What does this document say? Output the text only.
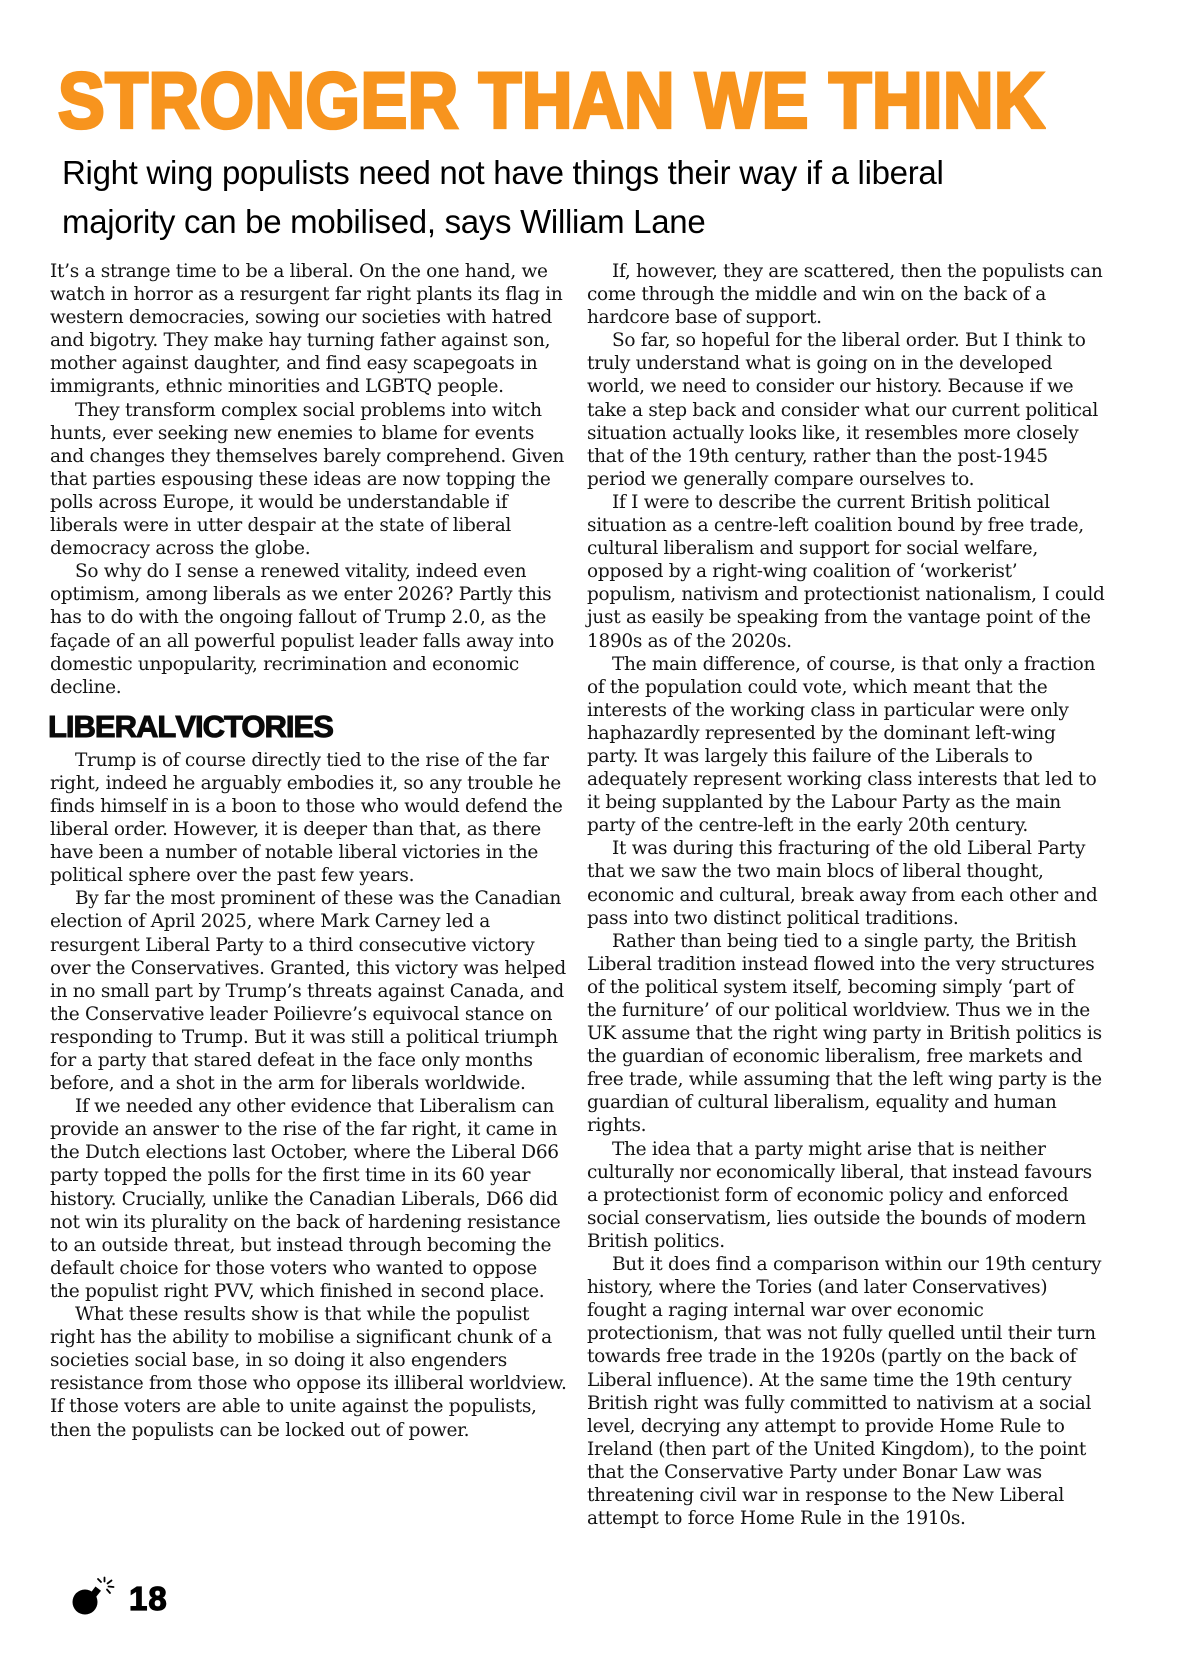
STRONGER THAN WE THINK

Right wing populists need not have things their way if a liberal
majority can be mobilised, says William Lane

It’s a strange time to be a liberal. On the one hand, we watch in horror as a resurgent far right plants its flag in western democracies, sowing our societies with hatred and bigotry. They make hay turning father against son, mother against daughter, and find easy scapegoats in immigrants, ethnic minorities and LGBTQ people.

They transform complex social problems into witch hunts, ever seeking new enemies to blame for events and changes they themselves barely comprehend. Given that parties espousing these ideas are now topping the polls across Europe, it would be understandable if liberals were in utter despair at the state of liberal democracy across the globe.

So why do I sense a renewed vitality, indeed even optimism, among liberals as we enter 2026? Partly this has to do with the ongoing fallout of Trump 2.0, as the façade of an all powerful populist leader falls away into domestic unpopularity, recrimination and economic decline.

LIBERAL VICTORIES

Trump is of course directly tied to the rise of the far right, indeed he arguably embodies it, so any trouble he finds himself in is a boon to those who would defend the liberal order. However, it is deeper than that, as there have been a number of notable liberal victories in the political sphere over the past few years.

By far the most prominent of these was the Canadian election of April 2025, where Mark Carney led a resurgent Liberal Party to a third consecutive victory over the Conservatives. Granted, this victory was helped in no small part by Trump’s threats against Canada, and the Conservative leader Poilievre’s equivocal stance on responding to Trump. But it was still a political triumph for a party that stared defeat in the face only months before, and a shot in the arm for liberals worldwide.

If we needed any other evidence that Liberalism can provide an answer to the rise of the far right, it came in the Dutch elections last October, where the Liberal D66 party topped the polls for the first time in its 60 year history. Crucially, unlike the Canadian Liberals, D66 did not win its plurality on the back of hardening resistance to an outside threat, but instead through becoming the default choice for those voters who wanted to oppose the populist right PVV, which finished in second place.

What these results show is that while the populist right has the ability to mobilise a significant chunk of a societies social base, in so doing it also engenders resistance from those who oppose its illiberal worldview. If those voters are able to unite against the populists, then the populists can be locked out of power.

If, however, they are scattered, then the populists can come through the middle and win on the back of a hardcore base of support.

So far, so hopeful for the liberal order. But I think to truly understand what is going on in the developed world, we need to consider our history. Because if we take a step back and consider what our current political situation actually looks like, it resembles more closely that of the 19th century, rather than the post-1945 period we generally compare ourselves to.

If I were to describe the current British political situation as a centre-left coalition bound by free trade, cultural liberalism and support for social welfare, opposed by a right-wing coalition of ‘workerist’ populism, nativism and protectionist nationalism, I could just as easily be speaking from the vantage point of the 1890s as of the 2020s.

The main difference, of course, is that only a fraction of the population could vote, which meant that the interests of the working class in particular were only haphazardly represented by the dominant left-wing party. It was largely this failure of the Liberals to adequately represent working class interests that led to it being supplanted by the Labour Party as the main party of the centre-left in the early 20th century.

It was during this fracturing of the old Liberal Party that we saw the two main blocs of liberal thought, economic and cultural, break away from each other and pass into two distinct political traditions.

Rather than being tied to a single party, the British Liberal tradition instead flowed into the very structures of the political system itself, becoming simply ‘part of the furniture’ of our political worldview. Thus we in the UK assume that the right wing party in British politics is the guardian of economic liberalism, free markets and free trade, while assuming that the left wing party is the guardian of cultural liberalism, equality and human rights.

The idea that a party might arise that is neither culturally nor economically liberal, that instead favours a protectionist form of economic policy and enforced social conservatism, lies outside the bounds of modern British politics.

But it does find a comparison within our 19th century history, where the Tories (and later Conservatives) fought a raging internal war over economic protectionism, that was not fully quelled until their turn towards free trade in the 1920s (partly on the back of Liberal influence). At the same time the 19th century British right was fully committed to nativism at a social level, decrying any attempt to provide Home Rule to Ireland (then part of the United Kingdom), to the point that the Conservative Party under Bonar Law was threatening civil war in response to the New Liberal attempt to force Home Rule in the 1910s.

18
